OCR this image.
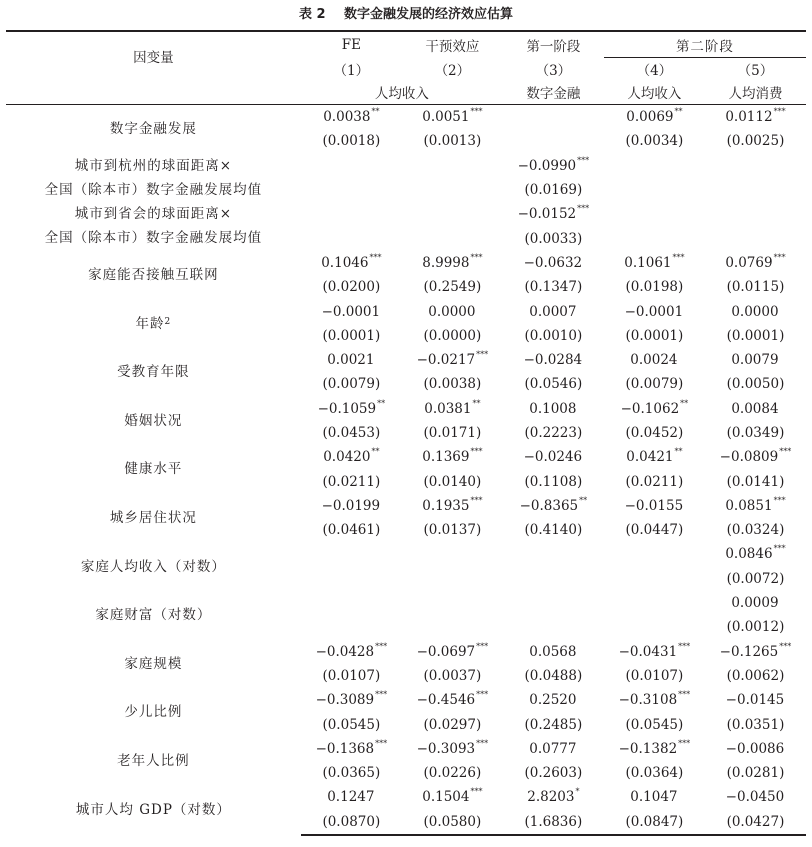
表 2 数字金融发展的经济效应估算
因变量	FE	干预效应	第一阶段	第二阶段	
	（1）	（2）	（3）	（4）	（5）
	人均收入		数字金融	人均收入	人均消费
数字金融发展	0.0038**	0.0051***		0.0069**	0.0112***
	(0.0018)	(0.0013)		(0.0034)	(0.0025)

城市到杭州的球面距离×
全国（除本市）数字金融发展均值			−0.0990***		
			(0.0169)		

城市到省会的球面距离×
全国（除本市）数字金融发展均值			−0.0152***		
			(0.0033)		
家庭能否接触互联网	0.1046***	8.9998***	−0.0632	0.1061***	0.0769***
	(0.0200)	(0.2549)	(0.1347)	(0.0198)	(0.0115)
年龄$^2$	−0.0001	0.0000	0.0007	−0.0001	0.0000
	(0.0001)	(0.0000)	(0.0010)	(0.0001)	(0.0001)
受教育年限	0.0021	−0.0217***	−0.0284	0.0024	0.0079
	(0.0079)	(0.0038)	(0.0546)	(0.0079)	(0.0050)
婚姻状况	−0.1059**	0.0381**	0.1008	−0.1062**	0.0084
	(0.0453)	(0.0171)	(0.2223)	(0.0452)	(0.0349)
健康水平	0.0420**	0.1369***	−0.0246	0.0421**	−0.0809***
	(0.0211)	(0.0140)	(0.1108)	(0.0211)	(0.0141)
城乡居住状况	−0.0199	0.1935***	−0.8365**	−0.0155	0.0851***
	(0.0461)	(0.0137)	(0.4140)	(0.0447)	(0.0324)
家庭人均收入（对数）					0.0846***
					(0.0072)
家庭财富（对数）					0.0009
					(0.0012)
家庭规模	−0.0428***	−0.0697***	0.0568	−0.0431***	−0.1265***
	(0.0107)	(0.0037)	(0.0488)	(0.0107)	(0.0062)
少儿比例	−0.3089***	−0.4546***	0.2520	−0.3108***	−0.0145
	(0.0545)	(0.0297)	(0.2485)	(0.0545)	(0.0351)
老年人比例	−0.1368***	−0.3093***	0.0777	−0.1382***	−0.0086
	(0.0365)	(0.0226)	(0.2603)	(0.0364)	(0.0281)
城市人均 GDP（对数）	0.1247	0.1504***	2.8203*	0.1047	−0.0450
	(0.0870)	(0.0580)	(1.6836)	(0.0847)	(0.0427)
